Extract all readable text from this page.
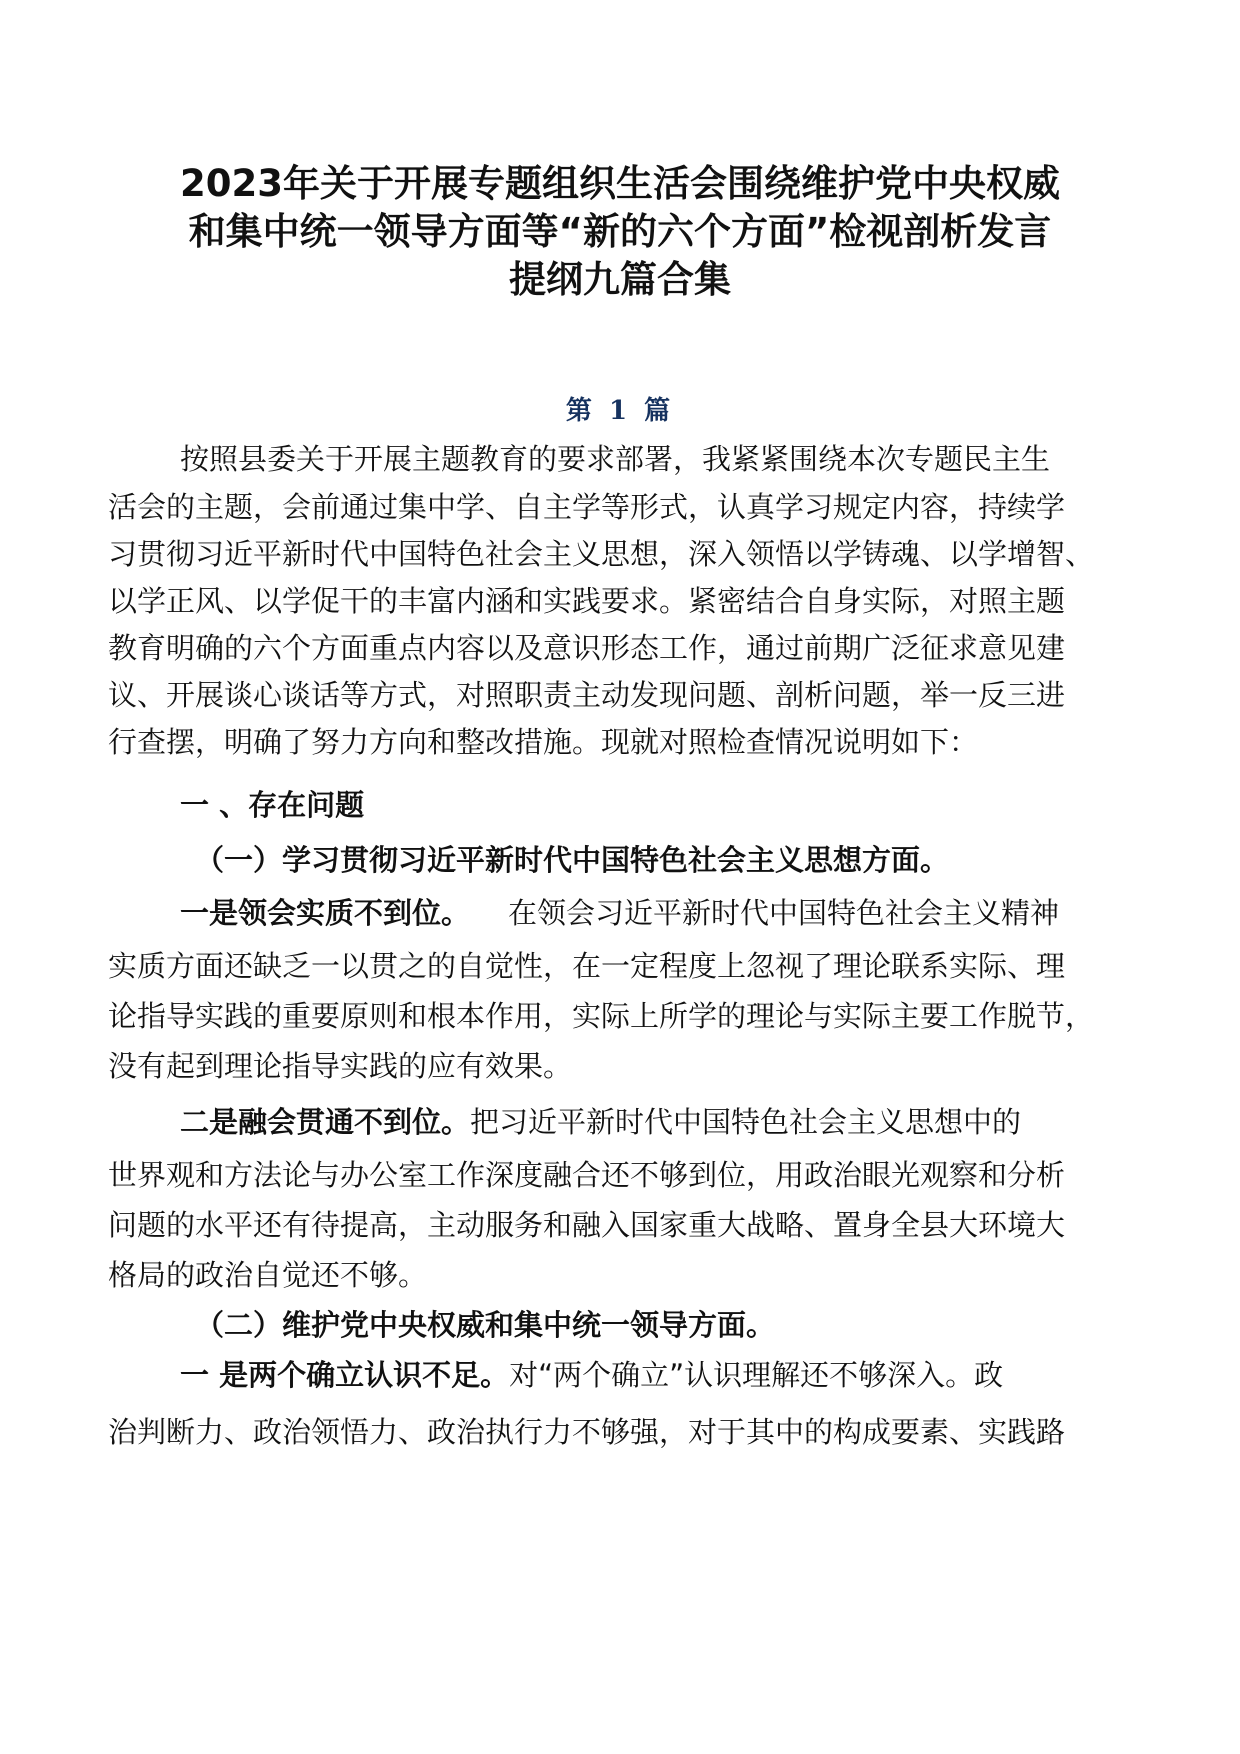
2023年关于开展专题组织生活会围绕维护党中央权威
和集中统一领导方面等“新的六个方面”检视剖析发言
提纲九篇合集
第 1 篇
按照县委关于开展主题教育的要求部署，我紧紧围绕本次专题民主生
活会的主题，会前通过集中学、自主学等形式，认真学习规定内容，持续学
习贯彻习近平新时代中国特色社会主义思想，深入领悟以学铸魂、以学增智、
以学正风、以学促干的丰富内涵和实践要求。紧密结合自身实际，对照主题
教育明确的六个方面重点内容以及意识形态工作，通过前期广泛征求意见建
议、开展谈心谈话等方式，对照职责主动发现问题、剖析问题，举一反三进
行查摆，明确了努力方向和整改措施。现就对照检查情况说明如下：
一 、存在问题
（一）学习贯彻习近平新时代中国特色社会主义思想方面。
一是领会实质不到位。 在领会习近平新时代中国特色社会主义精神
实质方面还缺乏一以贯之的自觉性，在一定程度上忽视了理论联系实际、理
论指导实践的重要原则和根本作用，实际上所学的理论与实际主要工作脱节，
没有起到理论指导实践的应有效果。
二是融会贯通不到位。把习近平新时代中国特色社会主义思想中的
世界观和方法论与办公室工作深度融合还不够到位，用政治眼光观察和分析
问题的水平还有待提高，主动服务和融入国家重大战略、置身全县大环境大
格局的政治自觉还不够。
（二）维护党中央权威和集中统一领导方面。
一 是两个确立认识不足。对“两个确立”认识理解还不够深入。政
治判断力、政治领悟力、政治执行力不够强，对于其中的构成要素、实践路
